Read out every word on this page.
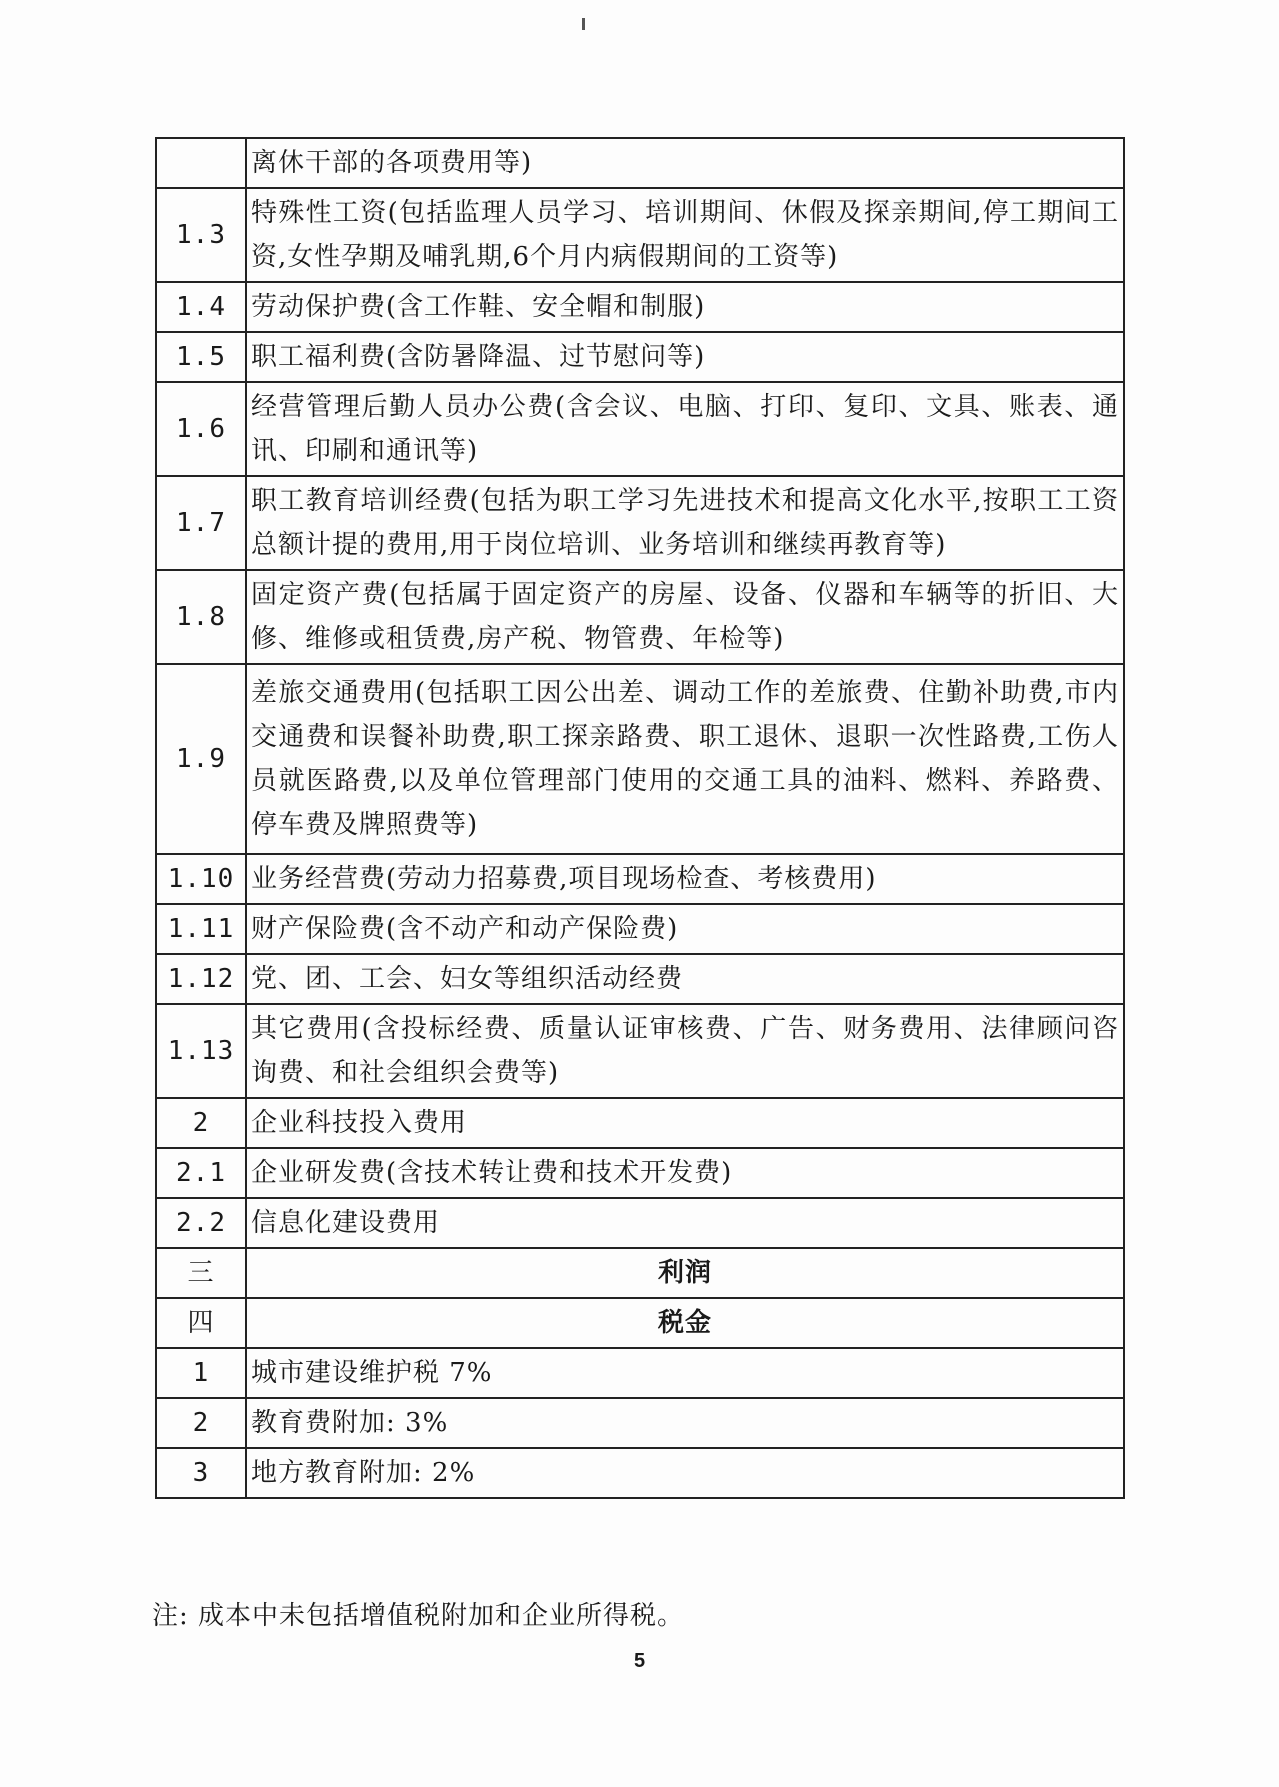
	离休干部的各项费用等)
1.3	特殊性工资(包括监理人员学习、培训期间、休假及探亲期间,停工期间工资,女性孕期及哺乳期,6个月内病假期间的工资等)
1.4	劳动保护费(含工作鞋、安全帽和制服)
1.5	职工福利费(含防暑降温、过节慰问等)
1.6	经营管理后勤人员办公费(含会议、电脑、打印、复印、文具、账表、通讯、印刷和通讯等)
1.7	职工教育培训经费(包括为职工学习先进技术和提高文化水平,按职工工资总额计提的费用,用于岗位培训、业务培训和继续再教育等)
1.8	固定资产费(包括属于固定资产的房屋、设备、仪器和车辆等的折旧、大修、维修或租赁费,房产税、物管费、年检等)
1.9	差旅交通费用(包括职工因公出差、调动工作的差旅费、住勤补助费,市内交通费和误餐补助费,职工探亲路费、职工退休、退职一次性路费,工伤人员就医路费,以及单位管理部门使用的交通工具的油料、燃料、养路费、停车费及牌照费等)
1.10	业务经营费(劳动力招募费,项目现场检查、考核费用)
1.11	财产保险费(含不动产和动产保险费)
1.12	党、团、工会、妇女等组织活动经费
1.13	其它费用(含投标经费、质量认证审核费、广告、财务费用、法律顾问咨询费、和社会组织会费等)
2	企业科技投入费用
2.1	企业研发费(含技术转让费和技术开发费)
2.2	信息化建设费用
三	利润
四	税金
1	城市建设维护税 7%
2	教育费附加: 3%
3	地方教育附加: 2%
注: 成本中未包括增值税附加和企业所得税。
5
